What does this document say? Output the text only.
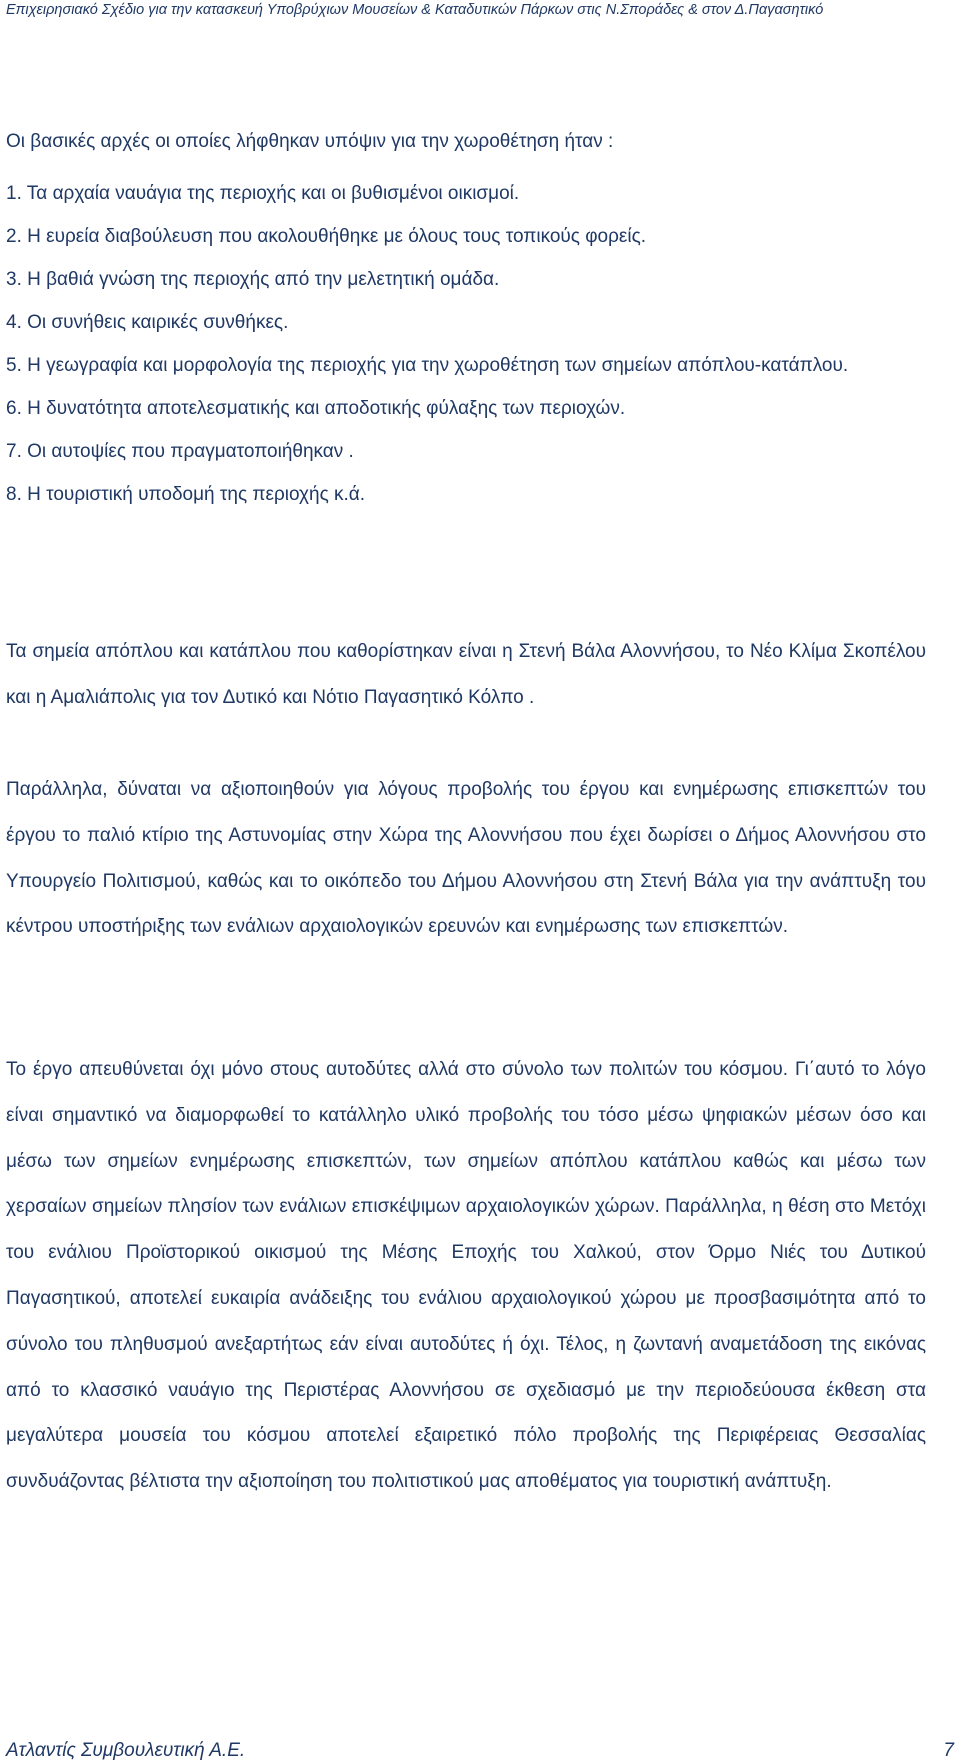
Επιχειρησιακό Σχέδιο για την κατασκευή Υποβρύχιων Μουσείων & Καταδυτικών Πάρκων στις Ν.Σποράδες & στον Δ.Παγασητικό
Οι βασικές αρχές οι οποίες λήφθηκαν υπόψιν για την χωροθέτηση ήταν :
1. Τα αρχαία ναυάγια της περιοχής και οι βυθισμένοι οικισμοί.
2. Η ευρεία διαβούλευση που ακολουθήθηκε με όλους τους τοπικούς φορείς.
3. Η βαθιά γνώση της περιοχής από την μελετητική ομάδα.
4. Οι συνήθεις καιρικές συνθήκες.
5. Η γεωγραφία και μορφολογία της περιοχής για την χωροθέτηση των σημείων απόπλου-κατάπλου.
6. Η δυνατότητα αποτελεσματικής και αποδοτικής φύλαξης των περιοχών.
7. Οι αυτοψίες που πραγματοποιήθηκαν .
8. Η τουριστική υποδομή της περιοχής κ.ά.

Τα σημεία απόπλου και κατάπλου που καθορίστηκαν είναι η Στενή Βάλα Αλοννήσου, το Νέο Κλίμα Σκοπέλου και η Αμαλιάπολις για τον Δυτικό και Νότιο Παγασητικό Κόλπο .

Παράλληλα, δύναται να αξιοποιηθούν για λόγους προβολής του έργου και ενημέρωσης επισκεπτών του έργου το παλιό κτίριο της Αστυνομίας στην Χώρα της Αλοννήσου που έχει δωρίσει ο Δήμος Αλοννήσου στο Υπουργείο Πολιτισμού, καθώς και το οικόπεδο του Δήμου Αλοννήσου στη Στενή Βάλα για την ανάπτυξη του κέντρου υποστήριξης των ενάλιων αρχαιολογικών ερευνών και ενημέρωσης των επισκεπτών.

Το έργο απευθύνεται όχι μόνο στους αυτοδύτες αλλά στο σύνολο των πολιτών του κόσμου. Γι΄αυτό το λόγο είναι σημαντικό να διαμορφωθεί το κατάλληλο υλικό προβολής του τόσο μέσω ψηφιακών μέσων όσο και μέσω των σημείων ενημέρωσης επισκεπτών, των σημείων απόπλου κατάπλου καθώς και μέσω των χερσαίων σημείων πλησίον των ενάλιων επισκέψιμων αρχαιολογικών χώρων. Παράλληλα, η θέση στο Μετόχι του ενάλιου Προϊστορικού οικισμού της Μέσης Εποχής του Χαλκού, στον Όρμο Νιές του Δυτικού Παγασητικού, αποτελεί ευκαιρία ανάδειξης του ενάλιου αρχαιολογικού χώρου με προσβασιμότητα από το σύνολο του πληθυσμού ανεξαρτήτως εάν είναι αυτοδύτες ή όχι. Τέλος, η ζωντανή αναμετάδοση της εικόνας από το κλασσικό ναυάγιο της Περιστέρας Αλοννήσου σε σχεδιασμό με την περιοδεύουσα έκθεση στα μεγαλύτερα μουσεία του κόσμου αποτελεί εξαιρετικό πόλο προβολής της Περιφέρειας Θεσσαλίας συνδυάζοντας βέλτιστα την αξιοποίηση του πολιτιστικού μας αποθέματος για τουριστική ανάπτυξη.

Ατλαντίς Συμβουλευτική Α.Ε.	7
